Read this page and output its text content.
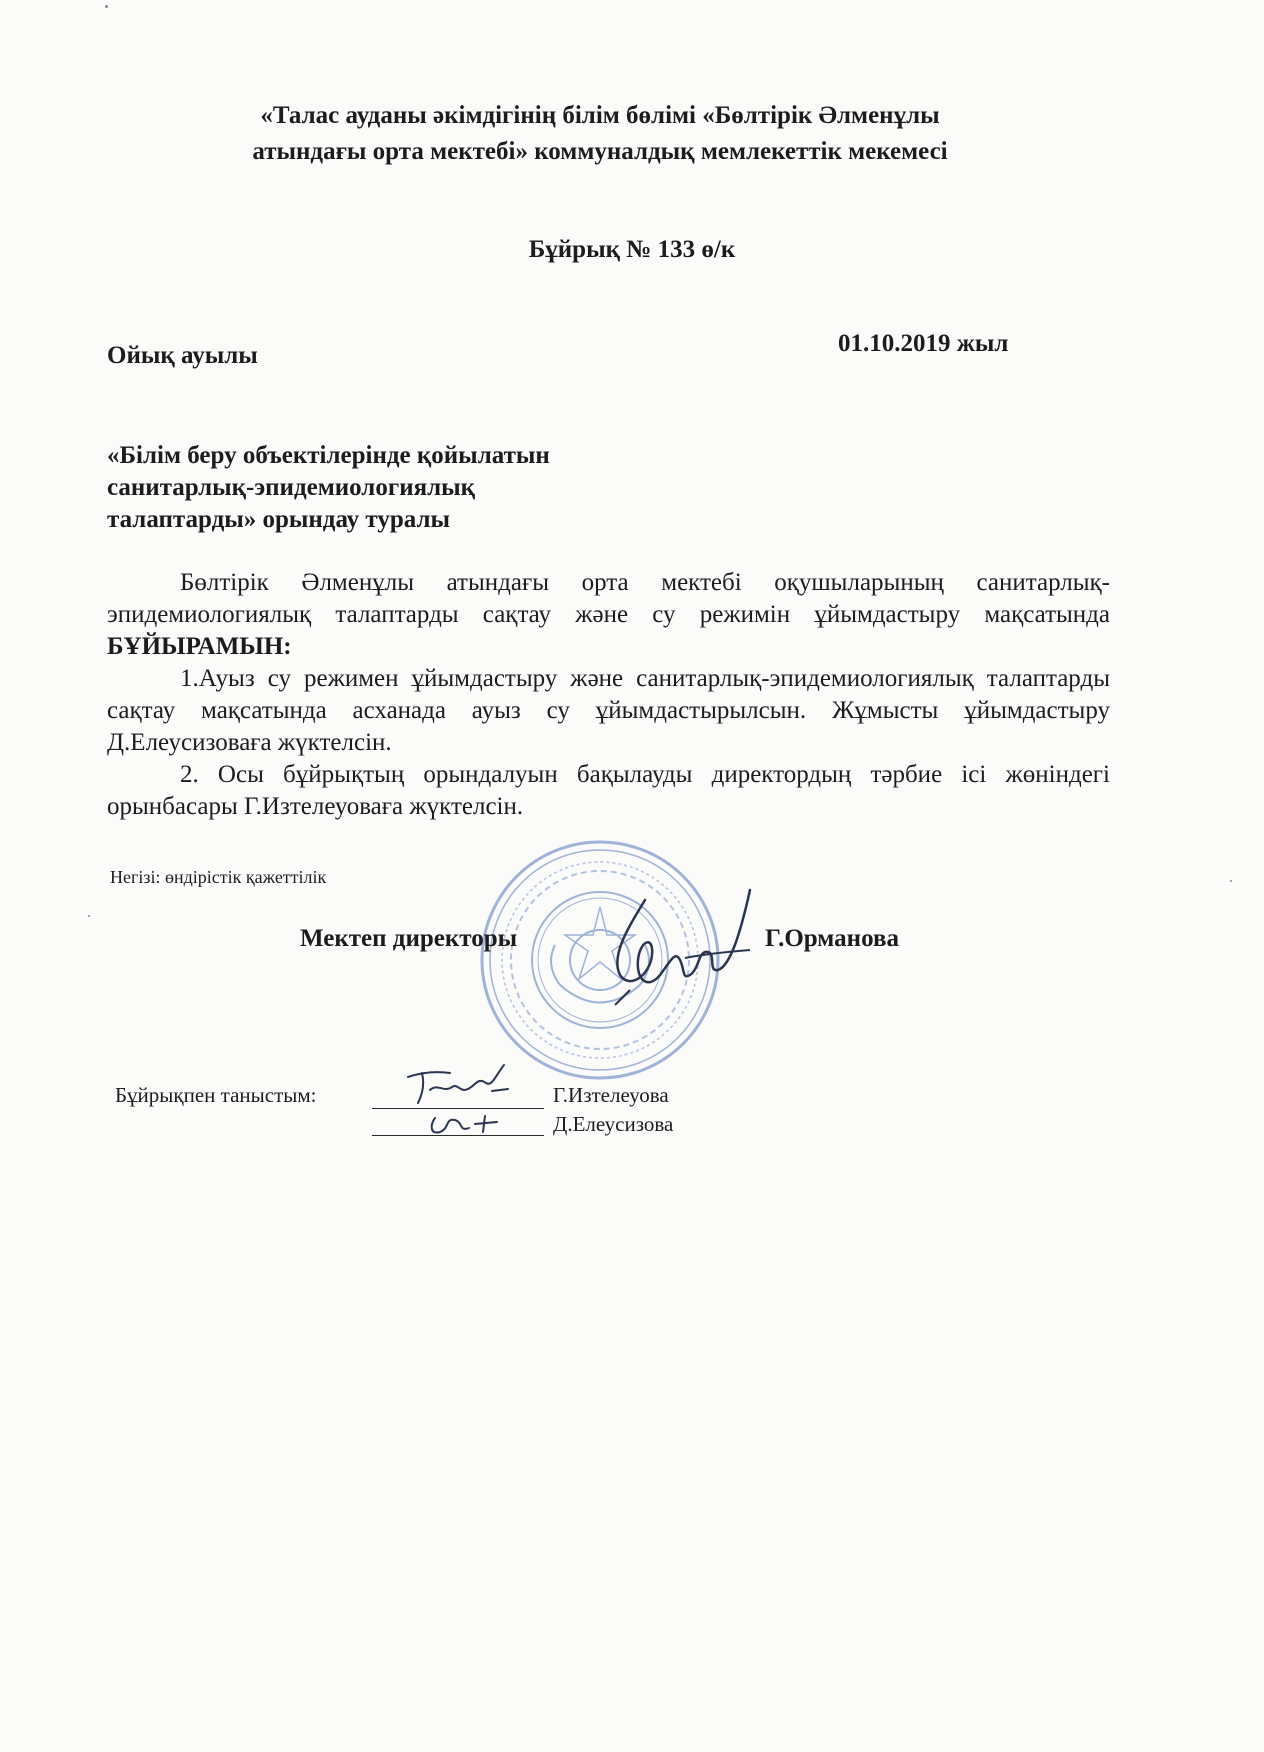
«Талас ауданы әкімдігінің білім бөлімі «Бөлтірік Әлменұлы
атындағы орта мектебі» коммуналдық мемлекеттік мекемесі
Бұйрық № 133 ө/к
Ойық ауылы	01.10.2019 жыл
«Білім беру объектілерінде қойылатын
санитарлық-эпидемиологиялық
талаптарды» орындау туралы

Бөлтірік Әлменұлы атындағы орта мектебі оқушыларының санитарлық-эпидемиологиялық талаптарды сақтау және су режимін ұйымдастыру мақсатында БҰЙЫРАМЫН:

1.Ауыз су режимен ұйымдастыру және санитарлық-эпидемиологиялық талаптарды сақтау мақсатында асханада ауыз су ұйымдастырылсын. Жұмысты ұйымдастыру Д.Елеусизоваға жүктелсін.

2. Осы бұйрықтың орындалуын бақылауды директордың тәрбие ісі жөніндегі орынбасары Г.Изтелеуоваға жүктелсін.

Негізі: өндірістік қажеттілік
Мектеп директоры	Г.Орманова
Бұйрықпен таныстым:	Г.Изтелеуова
Д.Елеусизова
